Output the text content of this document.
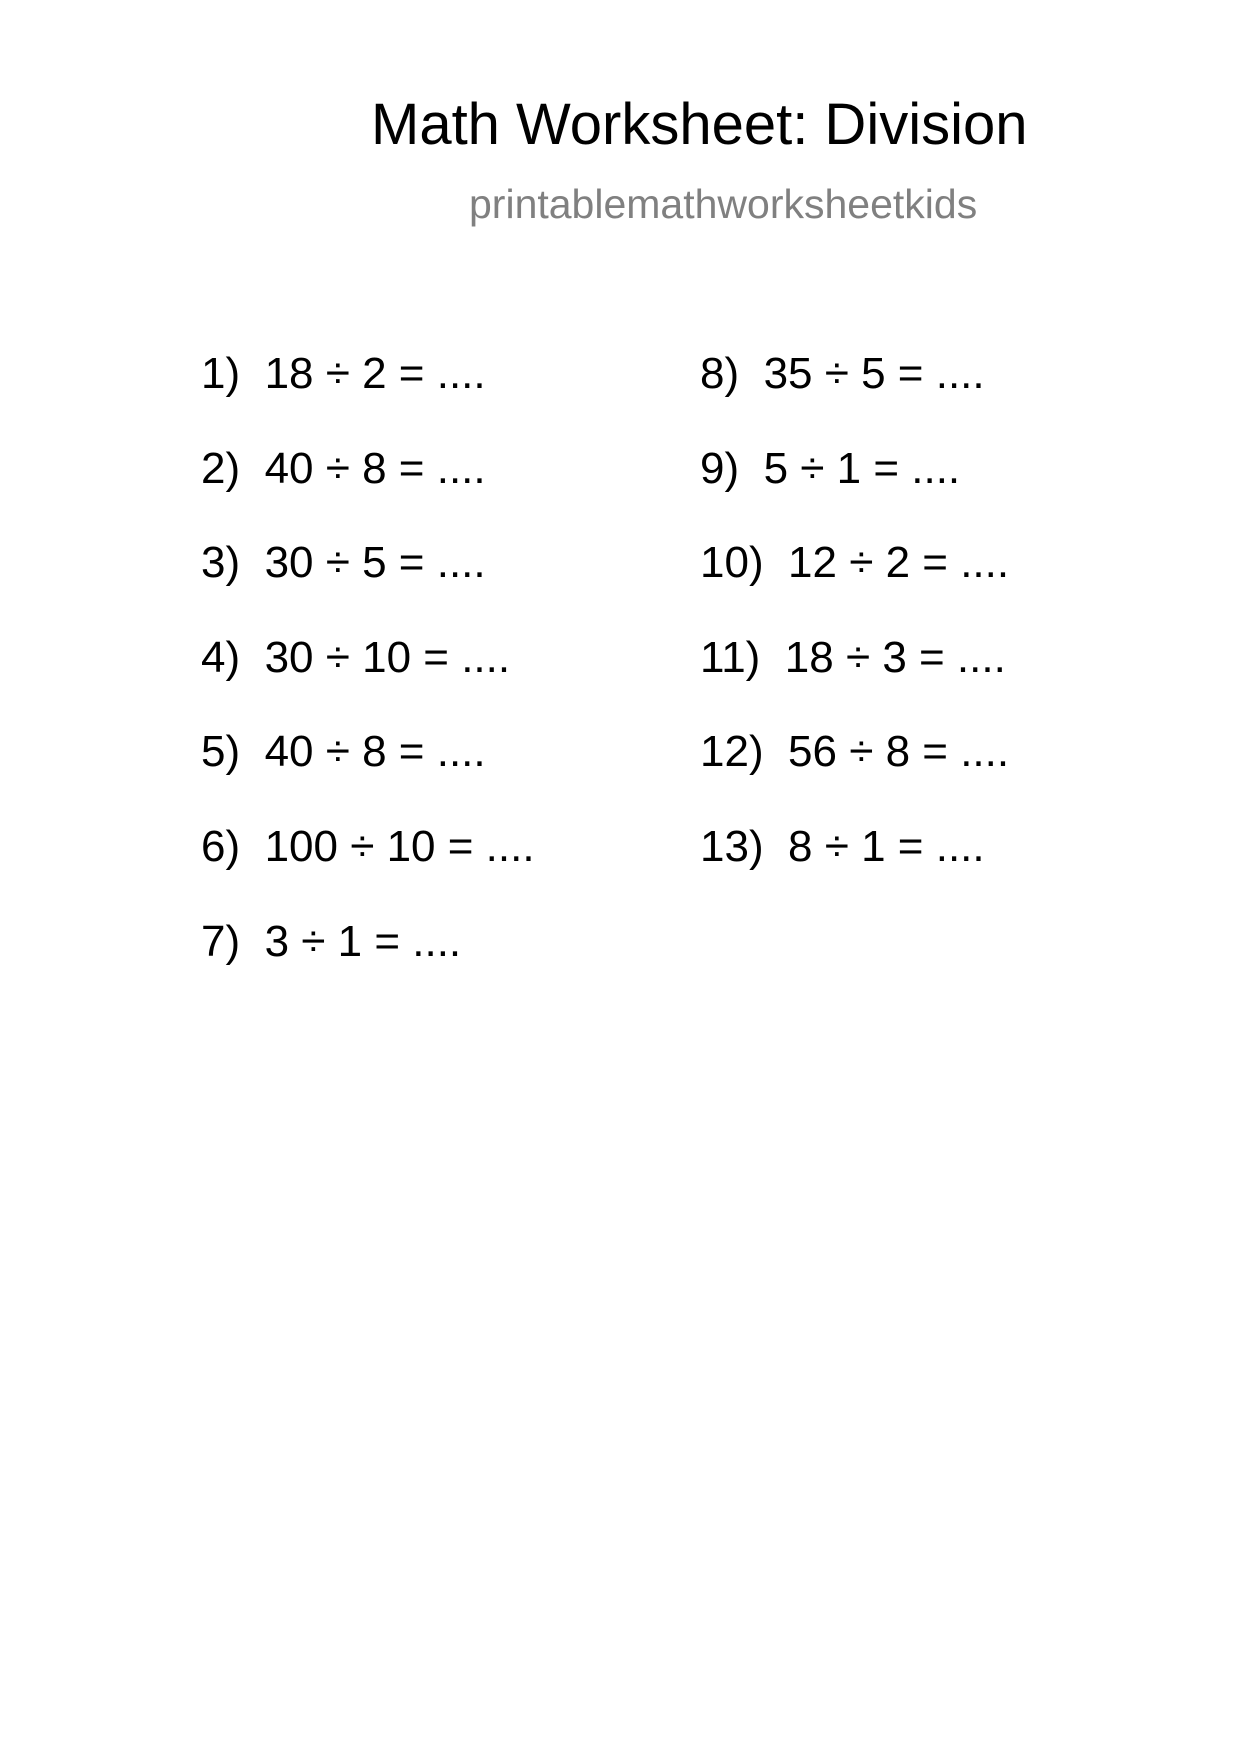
Math Worksheet: Division
printablemathworksheetkids
1)  18 ÷ 2 = ....
2)  40 ÷ 8 = ....
3)  30 ÷ 5 = ....
4)  30 ÷ 10 = ....
5)  40 ÷ 8 = ....
6)  100 ÷ 10 = ....
7)  3 ÷ 1 = ....
8)  35 ÷ 5 = ....
9)  5 ÷ 1 = ....
10)  12 ÷ 2 = ....
11)  18 ÷ 3 = ....
12)  56 ÷ 8 = ....
13)  8 ÷ 1 = ....
